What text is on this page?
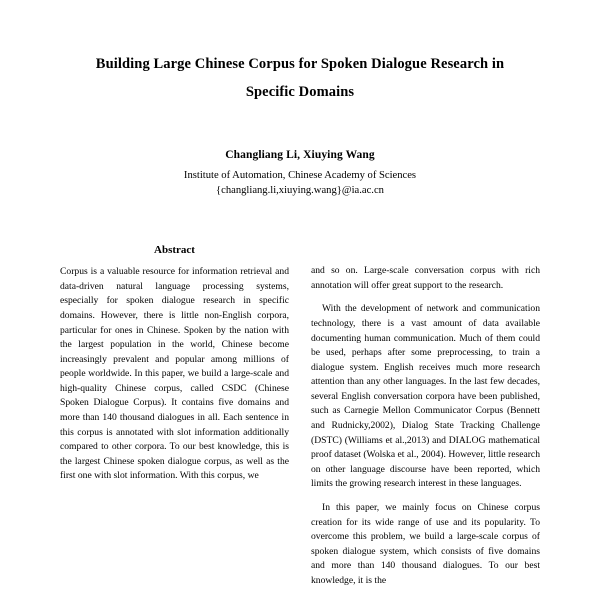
Building Large Chinese Corpus for Spoken Dialogue Research in
Specific Domains
Changliang Li, Xiuying Wang
Institute of Automation, Chinese Academy of Sciences
{changliang.li,xiuying.wang}@ia.ac.cn
Abstract

Corpus is a valuable resource for information retrieval and data-driven natural language processing systems, especially for spoken dialogue research in specific domains. However, there is little non-English corpora, particular for ones in Chinese. Spoken by the nation with the largest population in the world, Chinese become increasingly prevalent and popular among millions of people worldwide. In this paper, we build a large-scale and high-quality Chinese corpus, called CSDC (Chinese Spoken Dialogue Corpus). It contains five domains and more than 140 thousand dialogues in all. Each sentence in this corpus is annotated with slot information additionally compared to other corpora. To our best knowledge, this is the largest Chinese spoken dialogue corpus, as well as the first one with slot information. With this corpus, we

and so on. Large-scale conversation corpus with rich annotation will offer great support to the research.

With the development of network and communication technology, there is a vast amount of data available documenting human communication. Much of them could be used, perhaps after some preprocessing, to train a dialogue system. English receives much more research attention than any other languages. In the last few decades, several English conversation corpora have been published, such as Carnegie Mellon Communicator Corpus (Bennett and Rudnicky,2002), Dialog State Tracking Challenge (DSTC) (Williams et al.,2013) and DIALOG mathematical proof dataset (Wolska et al., 2004). However, little research on other language discourse have been reported, which limits the growing research interest in these languages.

In this paper, we mainly focus on Chinese corpus creation for its wide range of use and its popularity. To overcome this problem, we build a large-scale corpus of spoken dialogue system, which consists of five domains and more than 140 thousand dialogues. To our best knowledge, it is the
